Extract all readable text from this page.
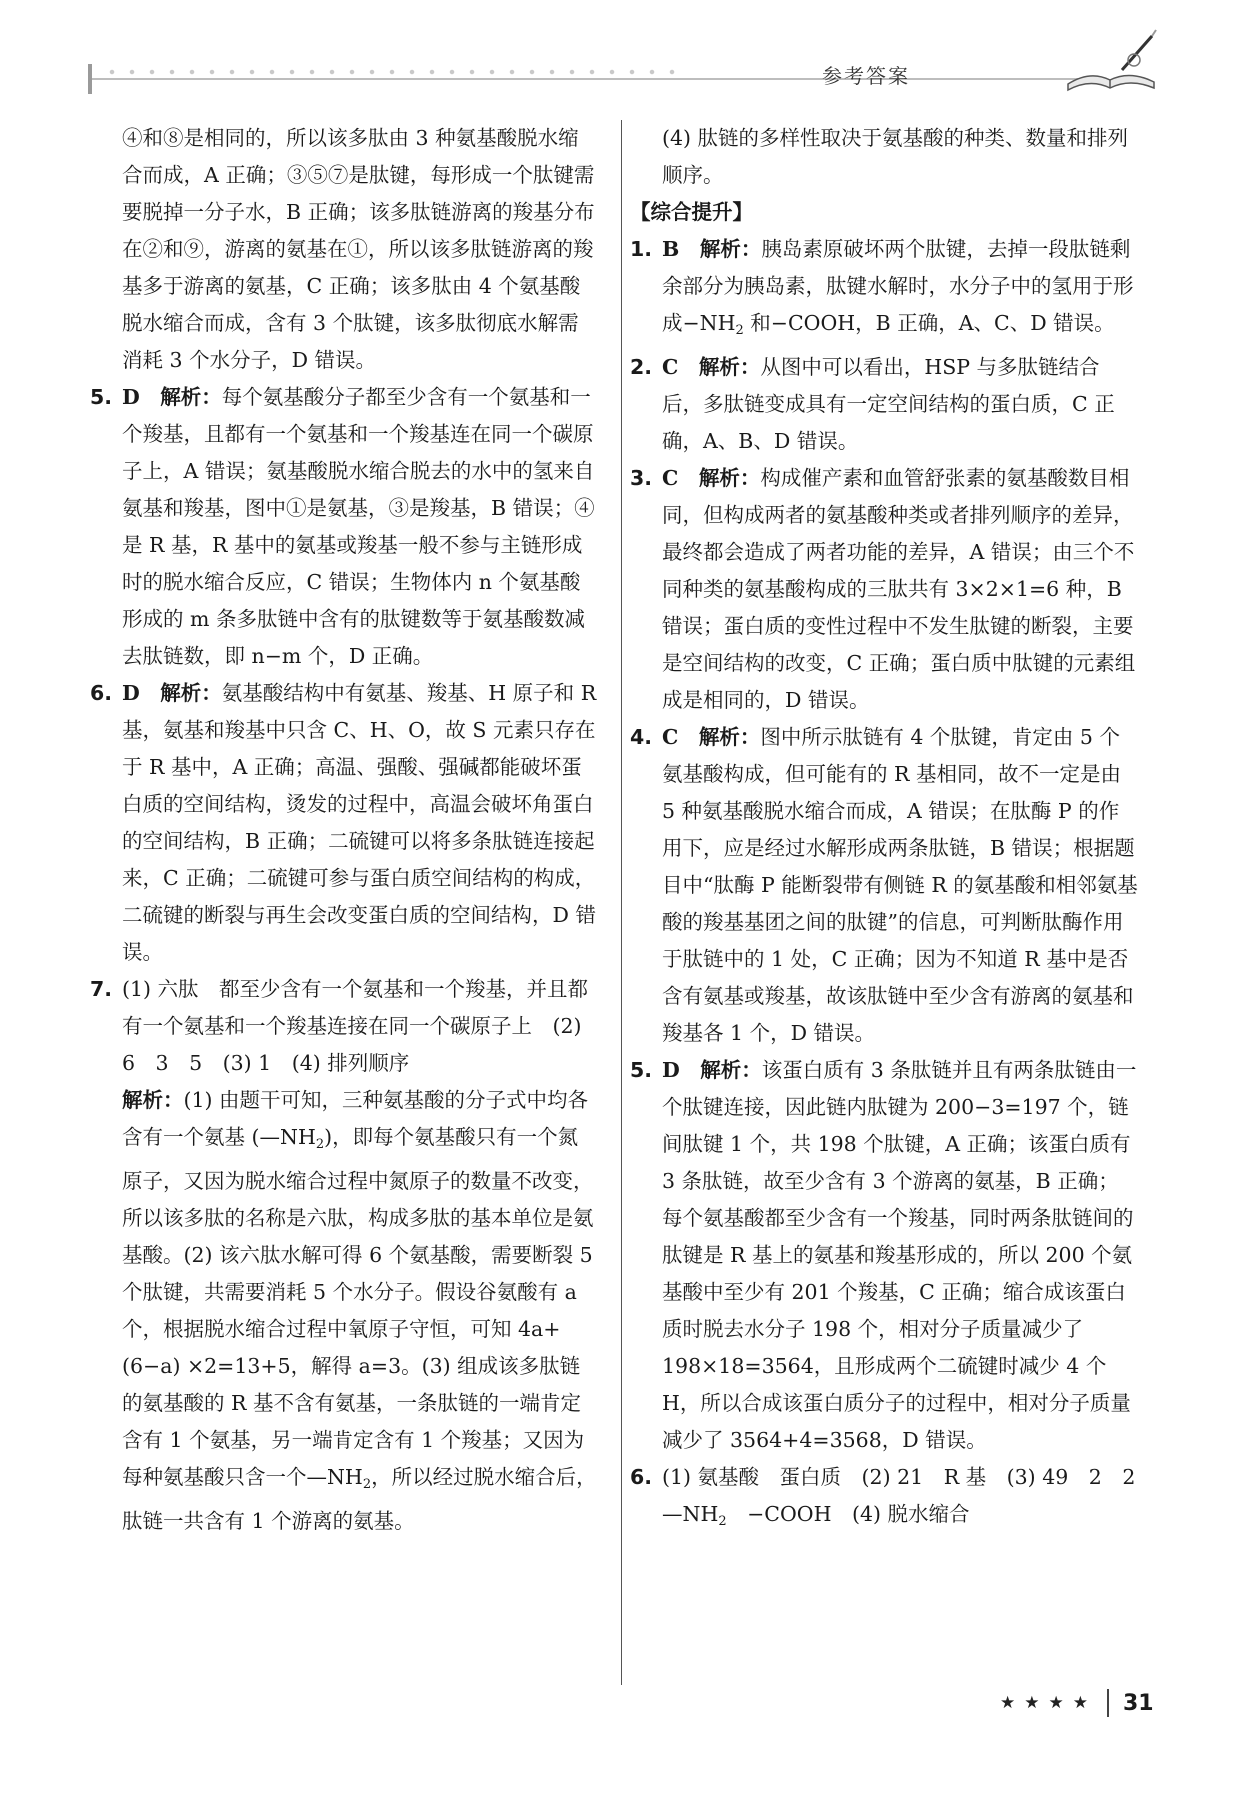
参考答案
④和⑧是相同的，所以该多肽由 3 种氨基酸脱水缩合而成，A 正确；③⑤⑦是肽键，每形成一个肽键需要脱掉一分子水，B 正确；该多肽链游离的羧基分布在②和⑨，游离的氨基在①，所以该多肽链游离的羧基多于游离的氨基，C 正确；该多肽由 4 个氨基酸脱水缩合而成，含有 3 个肽键，该多肽彻底水解需消耗 3 个水分子，D 错误。
5. D　 解析：每个氨基酸分子都至少含有一个氨基和一个羧基，且都有一个氨基和一个羧基连在同一个碳原子上，A 错误；氨基酸脱水缩合脱去的水中的氢来自氨基和羧基，图中①是氨基，③是羧基，B 错误；④是 R 基，R 基中的氨基或羧基一般不参与主链形成时的脱水缩合反应，C 错误；生物体内 n 个氨基酸形成的 m 条多肽链中含有的肽键数等于氨基酸数减去肽链数，即 n−m 个，D 正确。
6. D　 解析：氨基酸结构中有氨基、羧基、H 原子和 R 基，氨基和羧基中只含 C、H、O，故 S 元素只存在于 R 基中，A 正确；高温、强酸、强碱都能破坏蛋白质的空间结构，烫发的过程中，高温会破坏角蛋白的空间结构，B 正确；二硫键可以将多条肽链连接起来，C 正确；二硫键可参与蛋白质空间结构的构成，二硫键的断裂与再生会改变蛋白质的空间结构，D 错误。
7. (1) 六肽　都至少含有一个氨基和一个羧基，并且都有一个氨基和一个羧基连接在同一个碳原子上　(2) 6　3　5　(3) 1　(4) 排列顺序
解析：(1) 由题干可知，三种氨基酸的分子式中均各含有一个氨基 $(—NH_2)$，即每个氨基酸只有一个氮原子，又因为脱水缩合过程中氮原子的数量不改变，所以该多肽的名称是六肽，构成多肽的基本单位是氨基酸。(2) 该六肽水解可得 6 个氨基酸，需要断裂 5 个肽键，共需要消耗 5 个水分子。假设谷氨酸有 a 个，根据脱水缩合过程中氧原子守恒，可知 4a+ (6−a) ×2=13+5，解得 a=3。(3) 组成该多肽链的氨基酸的 R 基不含有氨基，一条肽链的一端肯定含有 1 个氨基，另一端肯定含有 1 个羧基；又因为每种氨基酸只含一个$—NH_2$，所以经过脱水缩合后，肽链一共含有 1 个游离的氨基。
(4) 肽链的多样性取决于氨基酸的种类、数量和排列顺序。
【综合提升】
1. B　 解析：胰岛素原破坏两个肽键，去掉一段肽链剩余部分为胰岛素，肽键水解时，水分子中的氢用于形成$-NH_2$ 和−COOH，B 正确，A、C、D 错误。
2. C　 解析：从图中可以看出，HSP 与多肽链结合后，多肽链变成具有一定空间结构的蛋白质，C 正确，A、B、D 错误。
3. C　 解析：构成催产素和血管舒张素的氨基酸数目相同，但构成两者的氨基酸种类或者排列顺序的差异，最终都会造成了两者功能的差异，A 错误；由三个不同种类的氨基酸构成的三肽共有 3×2×1=6 种，B 错误；蛋白质的变性过程中不发生肽键的断裂，主要是空间结构的改变，C 正确；蛋白质中肽键的元素组成是相同的，D 错误。
4. C　 解析：图中所示肽链有 4 个肽键，肯定由 5 个氨基酸构成，但可能有的 R 基相同，故不一定是由 5 种氨基酸脱水缩合而成，A 错误；在肽酶 P 的作用下，应是经过水解形成两条肽链，B 错误；根据题目中“肽酶 P 能断裂带有侧链 R 的氨基酸和相邻氨基酸的羧基基团之间的肽键”的信息，可判断肽酶作用于肽链中的 1 处，C 正确；因为不知道 R 基中是否含有氨基或羧基，故该肽链中至少含有游离的氨基和羧基各 1 个，D 错误。
5. D　 解析：该蛋白质有 3 条肽链并且有两条肽链由一个肽键连接，因此链内肽键为 200−3=197 个，链间肽键 1 个，共 198 个肽键，A 正确；该蛋白质有 3 条肽链，故至少含有 3 个游离的氨基，B 正确；每个氨基酸都至少含有一个羧基，同时两条肽链间的肽键是 R 基上的氨基和羧基形成的，所以 200 个氨基酸中至少有 201 个羧基，C 正确；缩合成该蛋白质时脱去水分子 198 个，相对分子质量减少了 198×18=3564，且形成两个二硫键时减少 4 个 H，所以合成该蛋白质分子的过程中，相对分子质量减少了 3564+4=3568，D 错误。
6. (1) 氨基酸　蛋白质　(2) 21　R 基　(3) 49　2　2　$—NH_2$　−COOH　(4) 脱水缩合
★★★★ 31
